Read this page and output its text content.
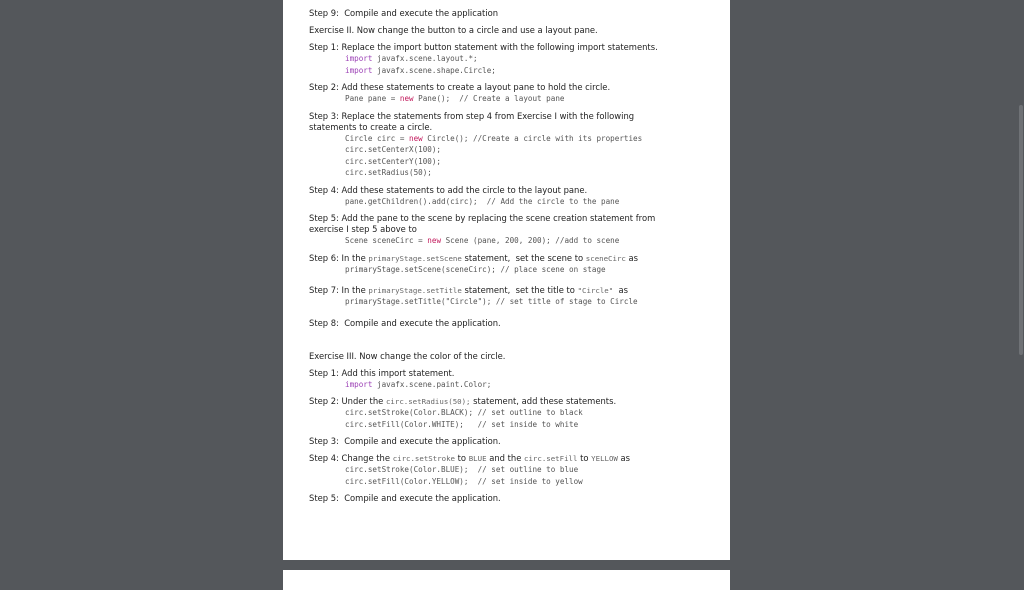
Step 9:  Compile and execute the application
Exercise II. Now change the button to a circle and use a layout pane.
Step 1: Replace the import button statement with the following import statements.
import javafx.scene.layout.*;
import javafx.scene.shape.Circle;
Step 2: Add these statements to create a layout pane to hold the circle.
Pane pane = new Pane();  // Create a layout pane
Step 3: Replace the statements from step 4 from Exercise I with the following
statements to create a circle.
Circle circ = new Circle(); //Create a circle with its properties
circ.setCenterX(100);
circ.setCenterY(100);
circ.setRadius(50);
Step 4: Add these statements to add the circle to the layout pane.
pane.getChildren().add(circ);  // Add the circle to the pane
Step 5: Add the pane to the scene by replacing the scene creation statement from
exercise I step 5 above to
Scene sceneCirc = new Scene (pane, 200, 200); //add to scene
Step 6: In the primaryStage.setScene statement,  set the scene to sceneCirc as
primaryStage.setScene(sceneCirc); // place scene on stage
Step 7: In the primaryStage.setTitle statement,  set the title to "Circle"  as
primaryStage.setTitle("Circle"); // set title of stage to Circle
Step 8:  Compile and execute the application.
Exercise III. Now change the color of the circle.
Step 1: Add this import statement.
import javafx.scene.paint.Color;
Step 2: Under the circ.setRadius(50); statement, add these statements.
circ.setStroke(Color.BLACK); // set outline to black
circ.setFill(Color.WHITE);   // set inside to white
Step 3:  Compile and execute the application.
Step 4: Change the circ.setStroke to BLUE and the circ.setFill to YELLOW as
circ.setStroke(Color.BLUE);  // set outline to blue
circ.setFill(Color.YELLOW);  // set inside to yellow
Step 5:  Compile and execute the application.
